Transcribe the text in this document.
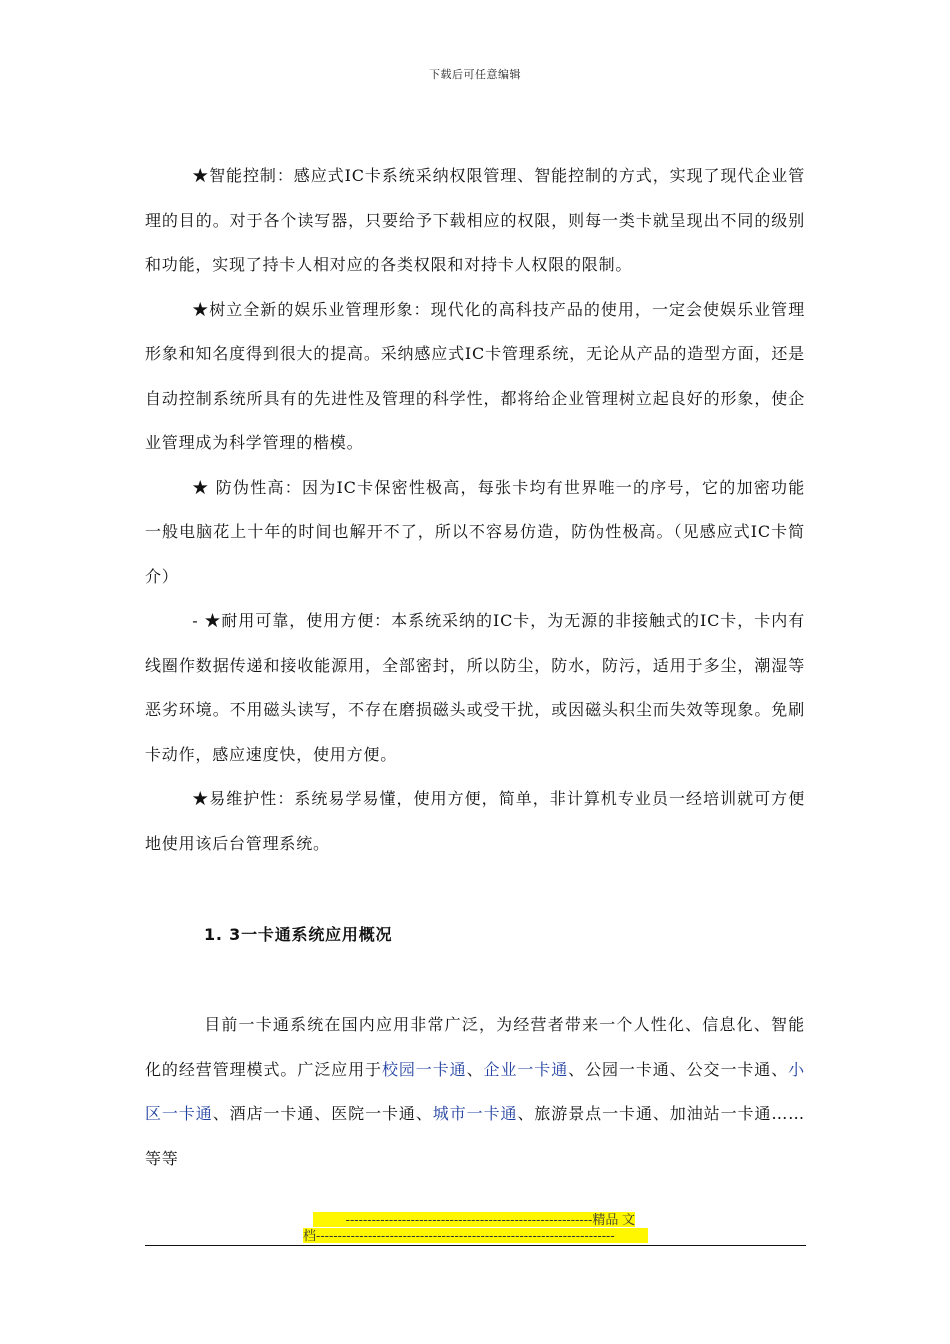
下载后可任意编辑

★智能控制：感应式IC卡系统采纳权限管理、智能控制的方式，实现了现代企业管理的目的。对于各个读写器，只要给予下载相应的权限，则每一类卡就呈现出不同的级别和功能，实现了持卡人相对应的各类权限和对持卡人权限的限制。

★树立全新的娱乐业管理形象：现代化的高科技产品的使用，一定会使娱乐业管理形象和知名度得到很大的提高。采纳感应式IC卡管理系统，无论从产品的造型方面，还是自动控制系统所具有的先进性及管理的科学性，都将给企业管理树立起良好的形象，使企业管理成为科学管理的楷模。

★ 防伪性高：因为IC卡保密性极高，每张卡均有世界唯一的序号，它的加密功能一般电脑花上十年的时间也解开不了，所以不容易仿造，防伪性极高。（见感应式IC卡简介）

- ★耐用可靠，使用方便：本系统采纳的IC卡，为无源的非接触式的IC卡，卡内有线圈作数据传递和接收能源用，全部密封，所以防尘，防水，防污，适用于多尘，潮湿等恶劣环境。不用磁头读写，不存在磨损磁头或受干扰，或因磁头积尘而失效等现象。免刷卡动作，感应速度快，使用方便。

★易维护性：系统易学易懂，使用方便，简单，非计算机专业员一经培训就可方便地使用该后台管理系统。

1. 3一卡通系统应用概况

目前一卡通系统在国内应用非常广泛，为经营者带来一个人性化、信息化、智能化的经营管理模式。广泛应用于校园一卡通、企业一卡通、公园一卡通、公交一卡通、小区一卡通、酒店一卡通、医院一卡通、城市一卡通、旅游景点一卡通、加油站一卡通……等等

---------------------------------------------------------精品 文
档---------------------------------------------------------------------
